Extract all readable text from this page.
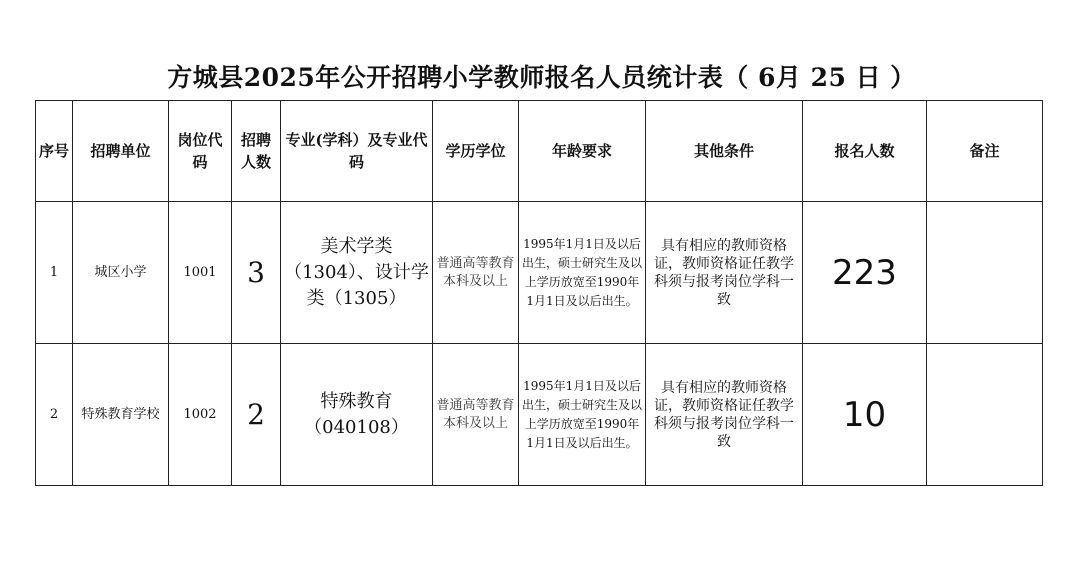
方城县2025年公开招聘小学教师报名人员统计表（ 6月 25 日 ）
序号	招聘单位	岗位代码	招聘人数	专业(学科）及专业代码	学历学位	年龄要求	其他条件	报名人数	备注
1	城区小学	1001	3	美术学类（1304）、设计学类（1305）	普通高等教育本科及以上	1995年1月1日及以后出生，硕士研究生及以上学历放宽至1990年1月1日及以后出生。	具有相应的教师资格证，教师资格证任教学科须与报考岗位学科一致	223	
2	特殊教育学校	1002	2	特殊教育（040108）	普通高等教育本科及以上	1995年1月1日及以后出生，硕士研究生及以上学历放宽至1990年1月1日及以后出生。	具有相应的教师资格证，教师资格证任教学科须与报考岗位学科一致	10	
